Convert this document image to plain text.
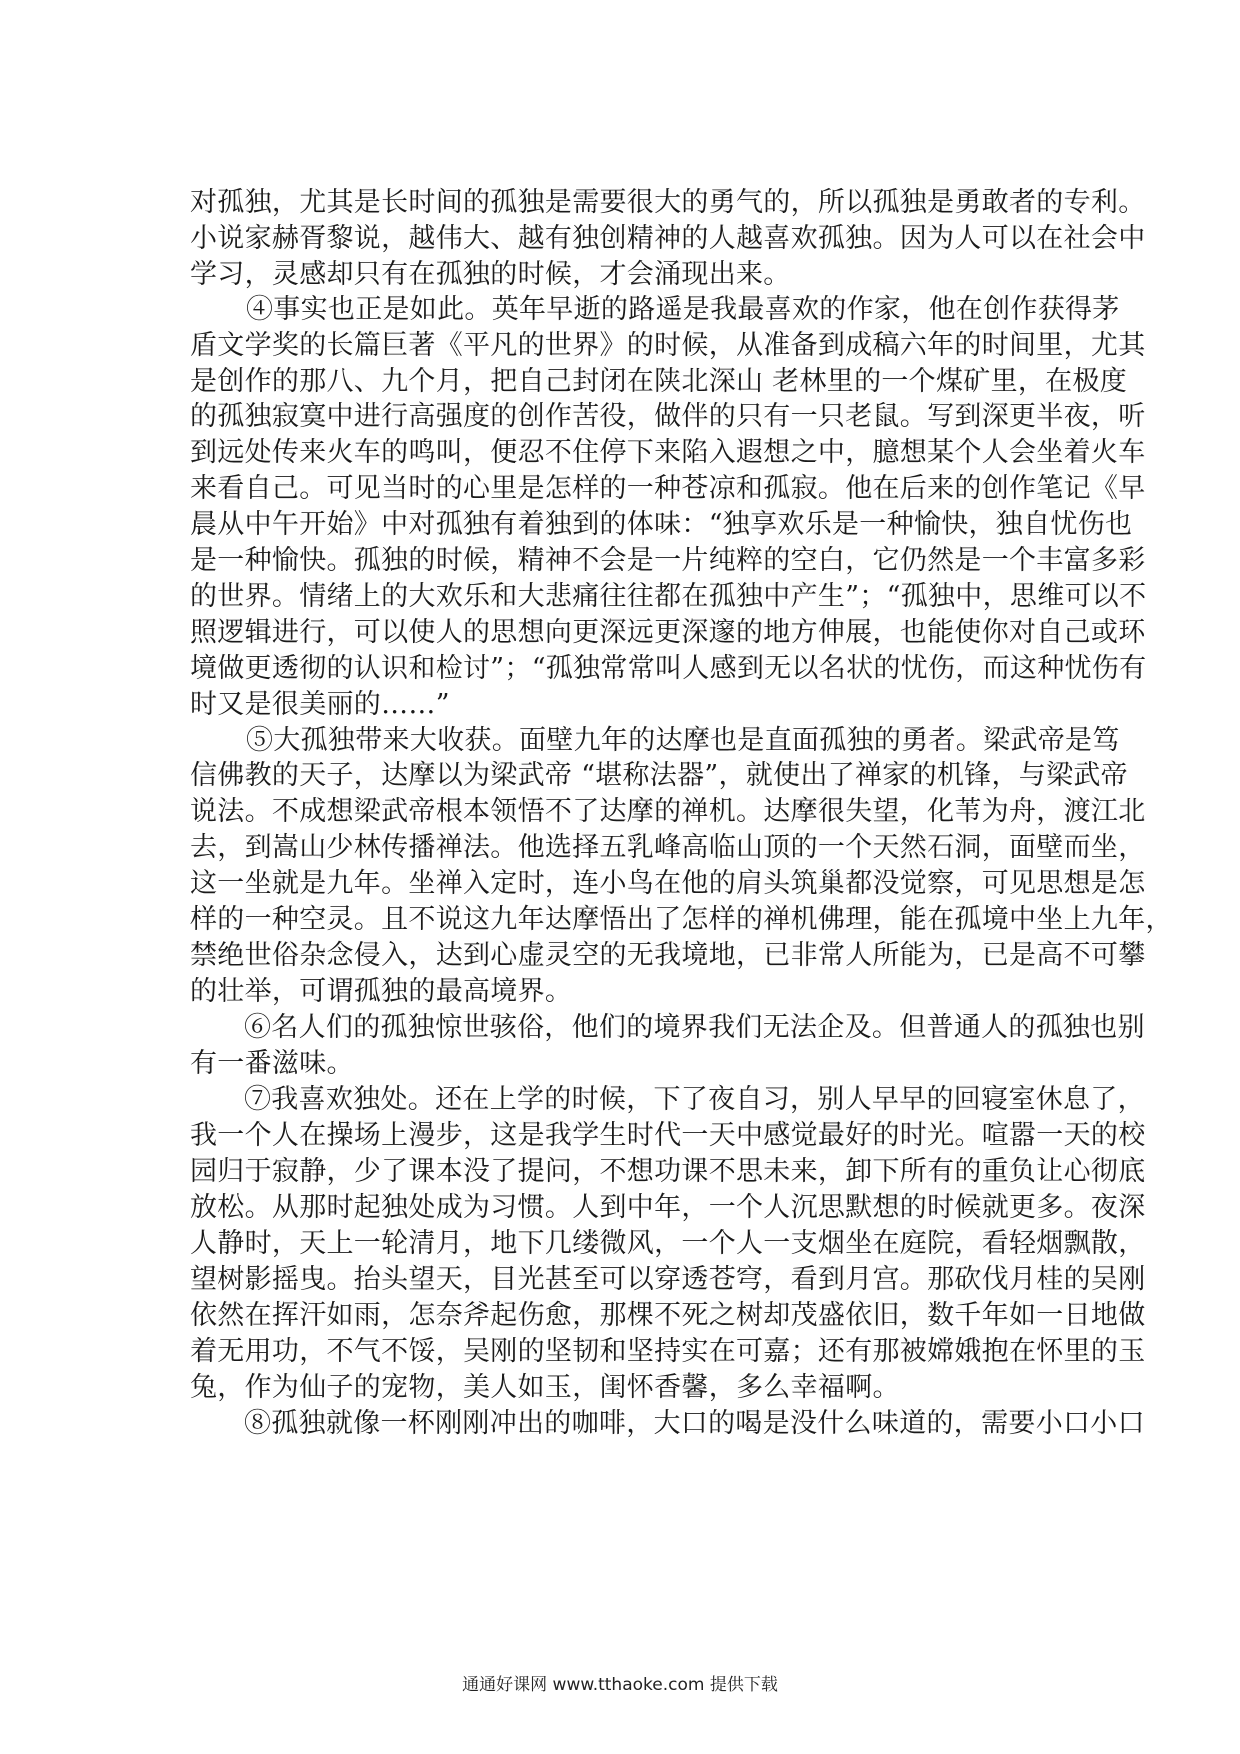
对孤独，尤其是长时间的孤独是需要很大的勇气的，所以孤独是勇敢者的专利。
小说家赫胥黎说，越伟大、越有独创精神的人越喜欢孤独。因为人可以在社会中
学习，灵感却只有在孤独的时候，才会涌现出来。
④事实也正是如此。英年早逝的路遥是我最喜欢的作家，他在创作获得茅
盾文学奖的长篇巨著《平凡的世界》的时候，从准备到成稿六年的时间里，尤其
是创作的那八、九个月，把自己封闭在陕北深山 老林里的一个煤矿里，在极度
的孤独寂寞中进行高强度的创作苦役，做伴的只有一只老鼠。写到深更半夜，听
到远处传来火车的鸣叫，便忍不住停下来陷入遐想之中，臆想某个人会坐着火车
来看自己。可见当时的心里是怎样的一种苍凉和孤寂。他在后来的创作笔记《早
晨从中午开始》中对孤独有着独到的体味：“独享欢乐是一种愉快，独自忧伤也
是一种愉快。孤独的时候，精神不会是一片纯粹的空白，它仍然是一个丰富多彩
的世界。情绪上的大欢乐和大悲痛往往都在孤独中产生”；“孤独中，思维可以不
照逻辑进行，可以使人的思想向更深远更深邃的地方伸展，也能使你对自己或环
境做更透彻的认识和检讨”；“孤独常常叫人感到无以名状的忧伤，而这种忧伤有
时又是很美丽的……”
⑤大孤独带来大收获。面壁九年的达摩也是直面孤独的勇者。梁武帝是笃
信佛教的天子，达摩以为梁武帝 “堪称法器”，就使出了禅家的机锋，与梁武帝
说法。不成想梁武帝根本领悟不了达摩的禅机。达摩很失望，化苇为舟，渡江北
去，到嵩山少林传播禅法。他选择五乳峰高临山顶的一个天然石洞，面壁而坐，
这一坐就是九年。坐禅入定时，连小鸟在他的肩头筑巢都没觉察，可见思想是怎
样的一种空灵。且不说这九年达摩悟出了怎样的禅机佛理，能在孤境中坐上九年，
禁绝世俗杂念侵入，达到心虚灵空的无我境地，已非常人所能为，已是高不可攀
的壮举，可谓孤独的最高境界。
⑥名人们的孤独惊世骇俗，他们的境界我们无法企及。但普通人的孤独也别
有一番滋味。
⑦我喜欢独处。还在上学的时候，下了夜自习，别人早早的回寝室休息了，
我一个人在操场上漫步，这是我学生时代一天中感觉最好的时光。喧嚣一天的校
园归于寂静，少了课本没了提问，不想功课不思未来，卸下所有的重负让心彻底
放松。从那时起独处成为习惯。人到中年，一个人沉思默想的时候就更多。夜深
人静时，天上一轮清月，地下几缕微风，一个人一支烟坐在庭院，看轻烟飘散，
望树影摇曳。抬头望天，目光甚至可以穿透苍穹，看到月宫。那砍伐月桂的吴刚
依然在挥汗如雨，怎奈斧起伤愈，那棵不死之树却茂盛依旧，数千年如一日地做
着无用功，不气不馁，吴刚的坚韧和坚持实在可嘉；还有那被嫦娥抱在怀里的玉
兔，作为仙子的宠物，美人如玉，闺怀香馨，多么幸福啊。
⑧孤独就像一杯刚刚冲出的咖啡，大口的喝是没什么味道的，需要小口小口
通通好课网 www.tthaoke.com 提供下载
